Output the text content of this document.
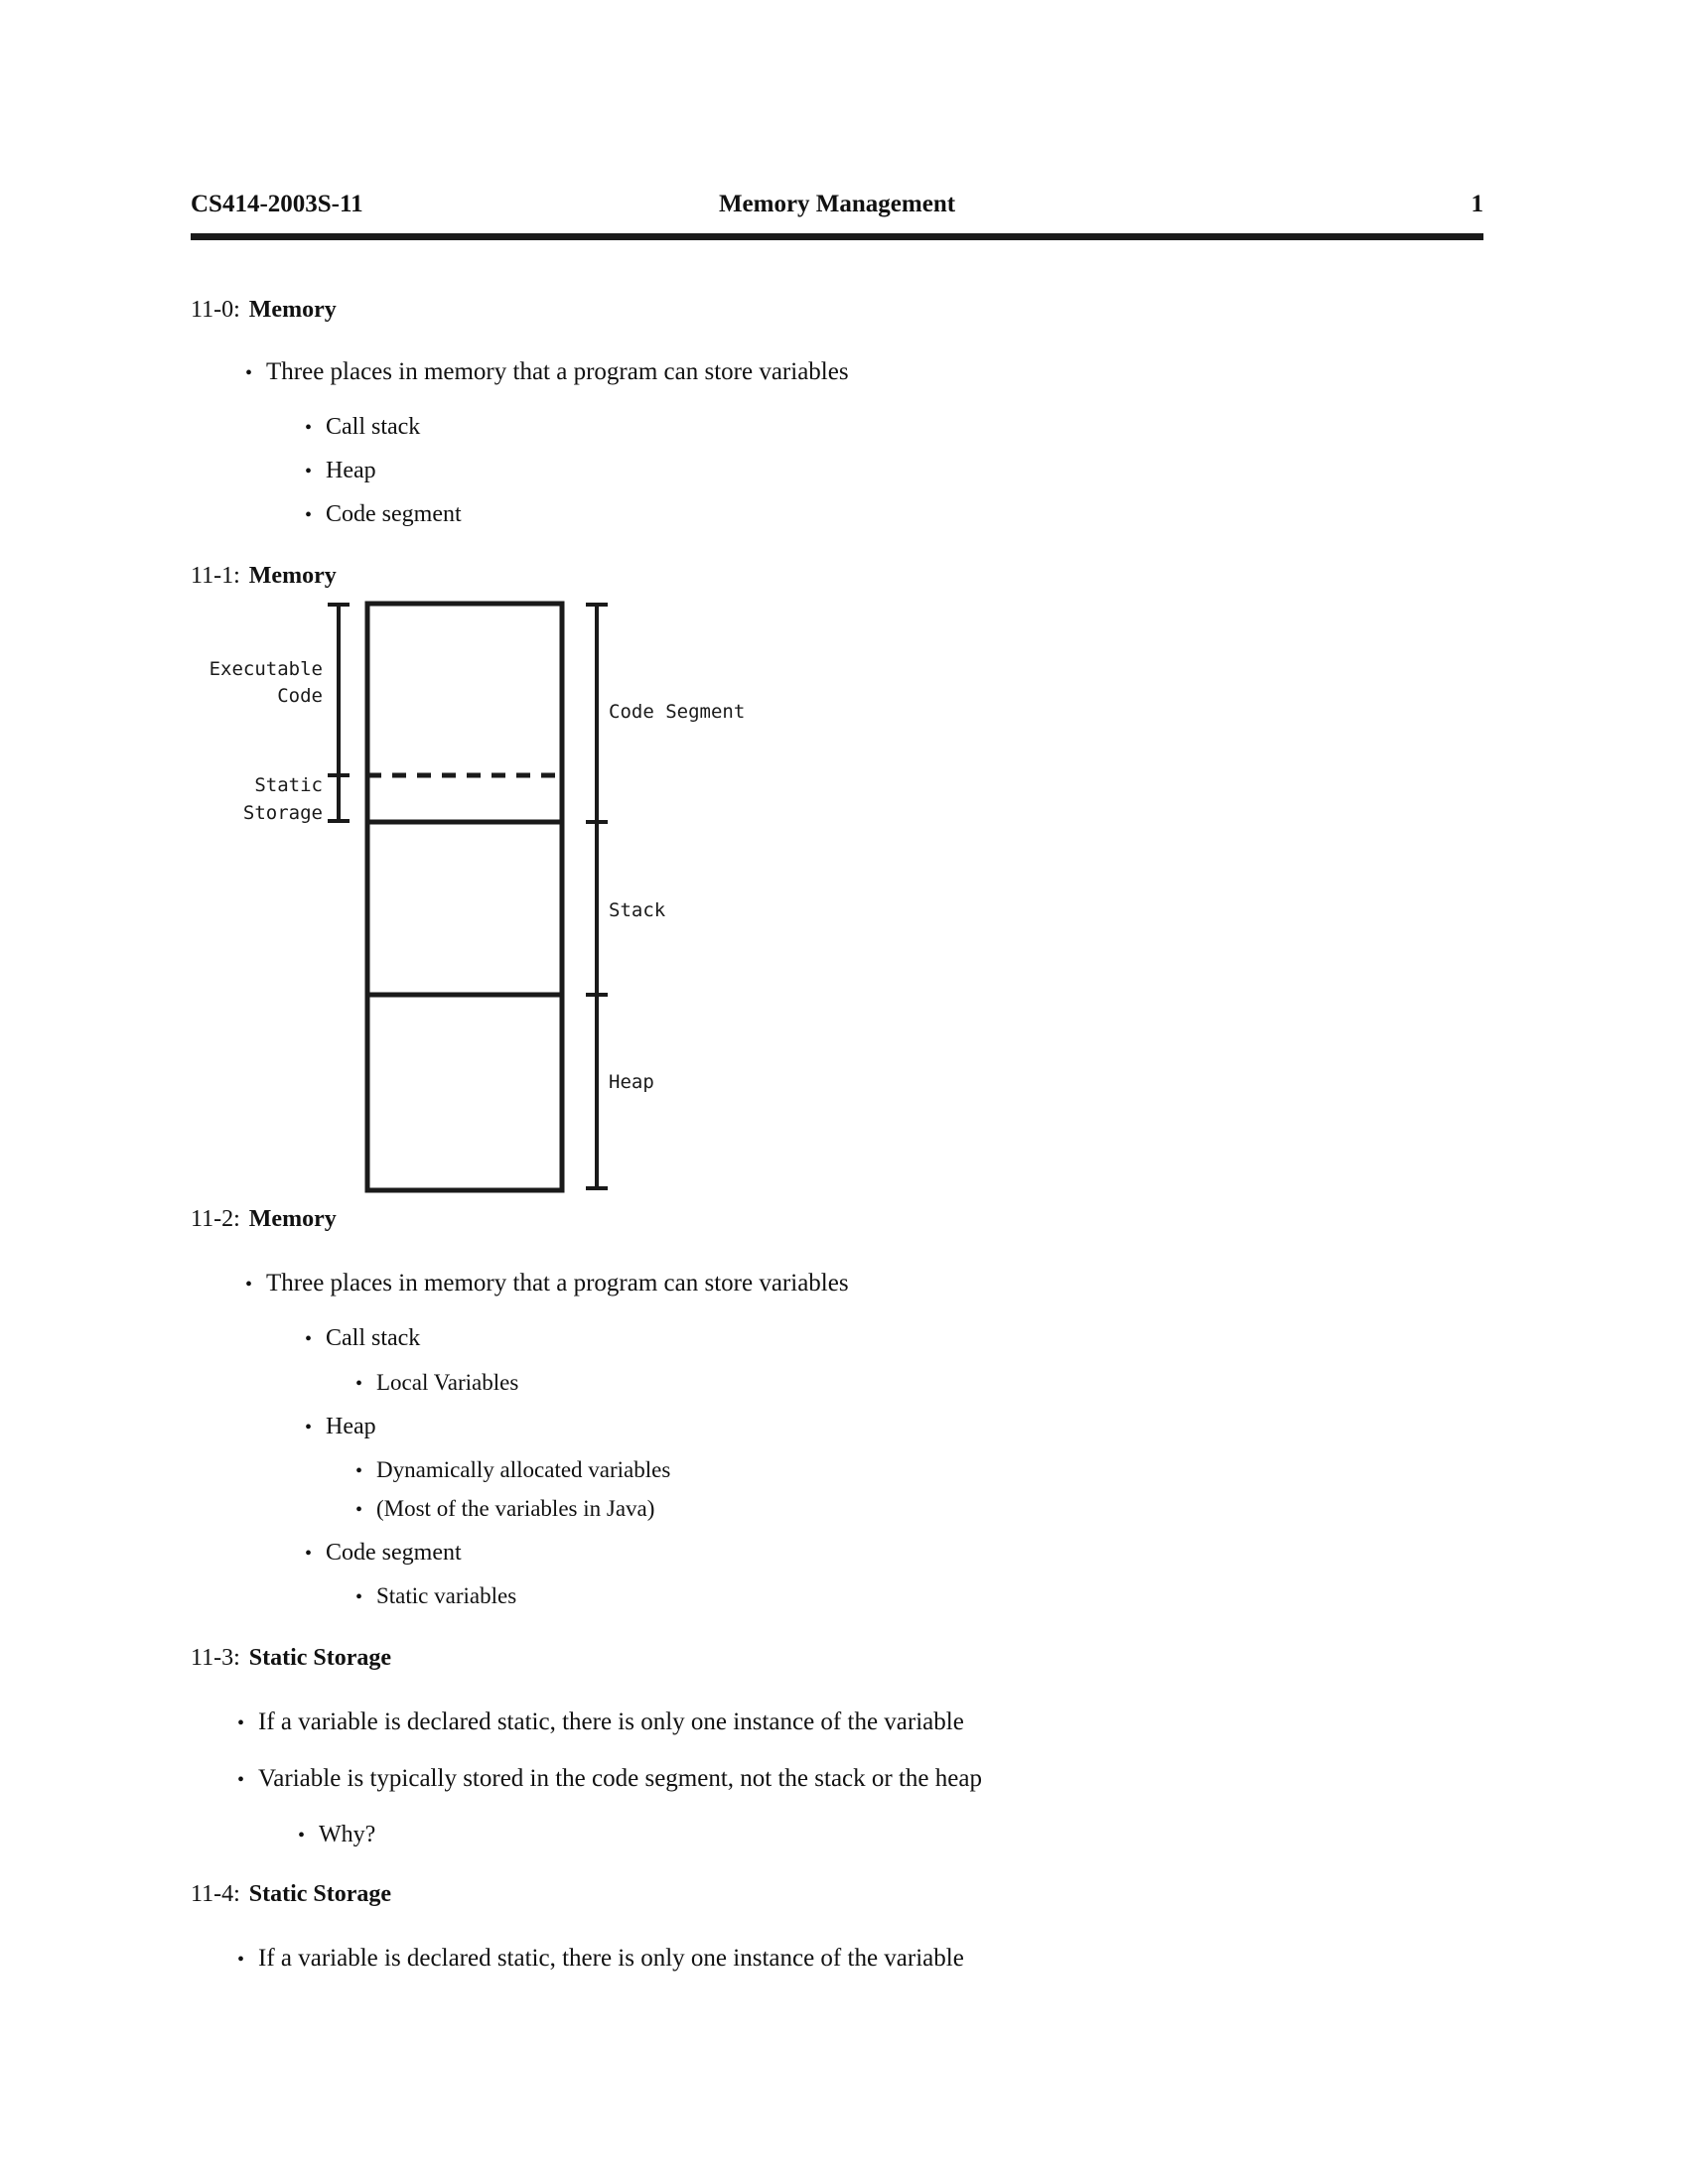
CS414-2003S-11	Memory Management	1
11-0: Memory
• Three places in memory that a program can store variables
• Call stack
• Heap
• Code segment
11-1: Memory
Executable
Code
Static
Storage
Code Segment
Stack
Heap
11-2: Memory
• Three places in memory that a program can store variables
• Call stack
• Local Variables
• Heap
• Dynamically allocated variables
• (Most of the variables in Java)
• Code segment
• Static variables
11-3: Static Storage
• If a variable is declared static, there is only one instance of the variable
• Variable is typically stored in the code segment, not the stack or the heap
• Why?
11-4: Static Storage
• If a variable is declared static, there is only one instance of the variable
